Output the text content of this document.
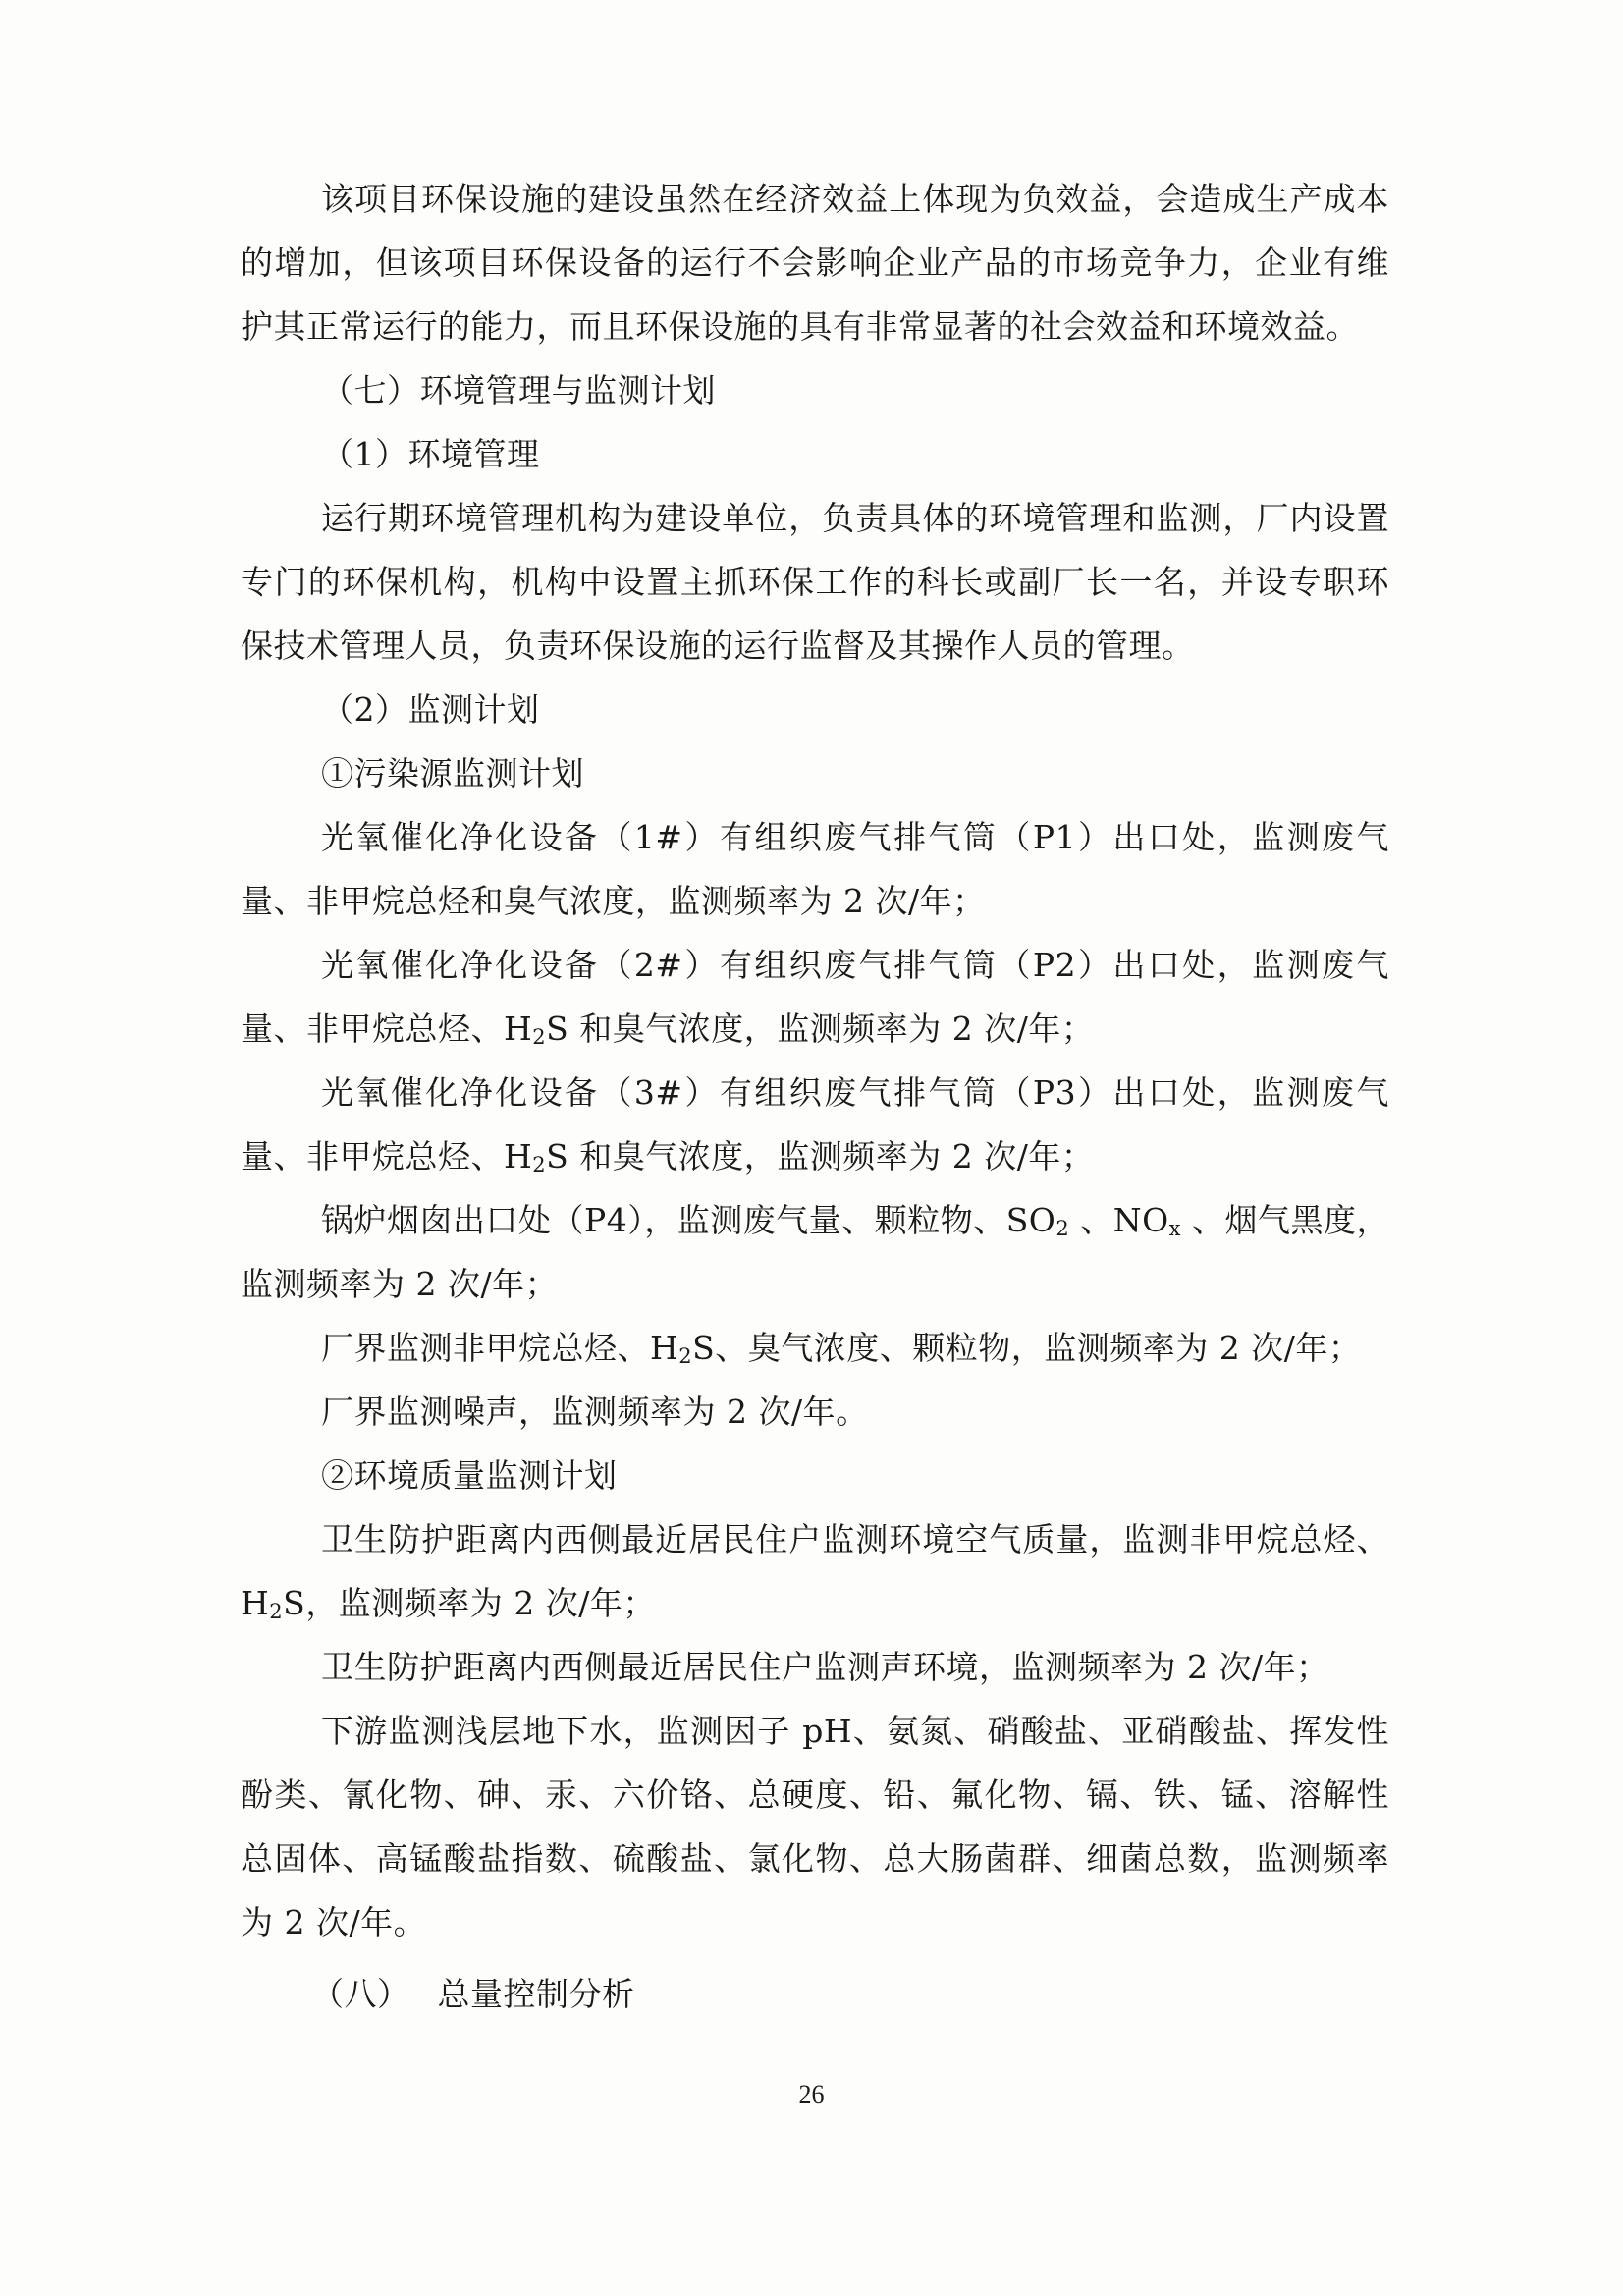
该项目环保设施的建设虽然在经济效益上体现为负效益，会造成生产成本的增加，但该项目环保设备的运行不会影响企业产品的市场竞争力，企业有维护其正常运行的能力，而且环保设施的具有非常显著的社会效益和环境效益。

（七）环境管理与监测计划

（1）环境管理

运行期环境管理机构为建设单位，负责具体的环境管理和监测，厂内设置专门的环保机构，机构中设置主抓环保工作的科长或副厂长一名，并设专职环保技术管理人员，负责环保设施的运行监督及其操作人员的管理。

（2）监测计划

①污染源监测计划

光氧催化净化设备（1#）有组织废气排气筒（P1）出口处，监测废气量、非甲烷总烃和臭气浓度，监测频率为 2 次/年；

光氧催化净化设备（2#）有组织废气排气筒（P2）出口处，监测废气量、非甲烷总烃、$H_2S$ 和臭气浓度，监测频率为 2 次/年；

光氧催化净化设备（3#）有组织废气排气筒（P3）出口处，监测废气量、非甲烷总烃、$H_2S$ 和臭气浓度，监测频率为 2 次/年；

锅炉烟囱出口处（P4），监测废气量、颗粒物、$SO_2$ 、$NO_x$ 、烟气黑度，监测频率为 2 次/年；

厂界监测非甲烷总烃、$H_2S$、臭气浓度、颗粒物，监测频率为 2 次/年；

厂界监测噪声，监测频率为 2 次/年。

②环境质量监测计划

卫生防护距离内西侧最近居民住户监测环境空气质量，监测非甲烷总烃、$H_2S$，监测频率为 2 次/年；

卫生防护距离内西侧最近居民住户监测声环境，监测频率为 2 次/年；

下游监测浅层地下水，监测因子 pH、氨氮、硝酸盐、亚硝酸盐、挥发性酚类、氰化物、砷、汞、六价铬、总硬度、铅、氟化物、镉、铁、锰、溶解性总固体、高锰酸盐指数、硫酸盐、氯化物、总大肠菌群、细菌总数，监测频率为 2 次/年。

（八） 总量控制分析

26
